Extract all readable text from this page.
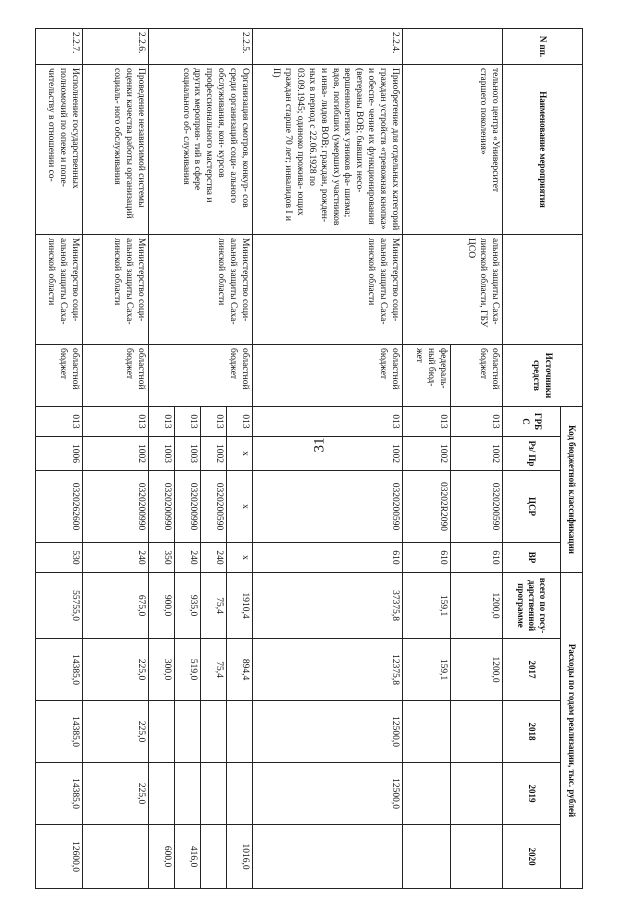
31
N пп.	Наименование мероприятия		Источники средств	Код бюджетной классификации				Расходы по годам реализации, тыс. рублей				
				ГРБ С	Рз/ Пр	ЦСР	ВР	всего по госу- дарственной программе	2017	2018	2019	2020
	тельного центра «Университет старшего поколения»	альной защиты Саха- линской области, ГБУ ЦСО	областной бюджет	013	1002	0320200590	610	1200,0	1200,0			
			федераль- ный бюд- жет	013	1002	03202R2090	610	159,1	159,1			
2.2.4.	Приобретение для отдельных категорий граждан устройств «тревожная кнопка» и обеспе- чение их функционирования (ветераны ВОВ; бывших несо- вершеннолетних узников фа- шизма; вдов, погибших (умерших) участников и инва- лидов ВОВ; граждан, рожден- ных в период с 22.06.1928 по 03.09.1945; одиноко прожива- ющих граждан старше 70 лет; инвалидов I и II)	Министерство соци- альной защиты Саха- линской области	областной бюджет	013	1002	0320200590	610	37375,8	12375,8	12500,0	12500,0	
2.2.5.	Организация смотров, конкур- сов среди организаций соци- ального обслуживания, кон- курсов профессионального мастерства и других мероприя- тий в сфере социального об- служивания	Министерство соци- альной защиты Саха- линской области	областной бюджет	013	х	х	х	1910,4	894,4			1016,0
				013	1002	0320200590	240	75,4	75,4			
				013	1003	0320200990	240	935,0	519,0			416,0
				013	1003	0320200990	350	900,0	300,0			600,0
2.2.6.	Проведение независимой системы оценки качества работы организаций социаль- ного обслуживания	Министерство соци- альной защиты Саха- линской области	областной бюджет	013	1002	0320200990	240	675,0	225,0	225,0	225,0	
2.2.7.	Исполнение государственных полномочий по опеке и попе- чительству в отношении со-	Министерство соци- альной защиты Саха- линской области	областной бюджет	013	1006	0320262600	530	55755,0	14385,0	14385,0	14385,0	12600,0
